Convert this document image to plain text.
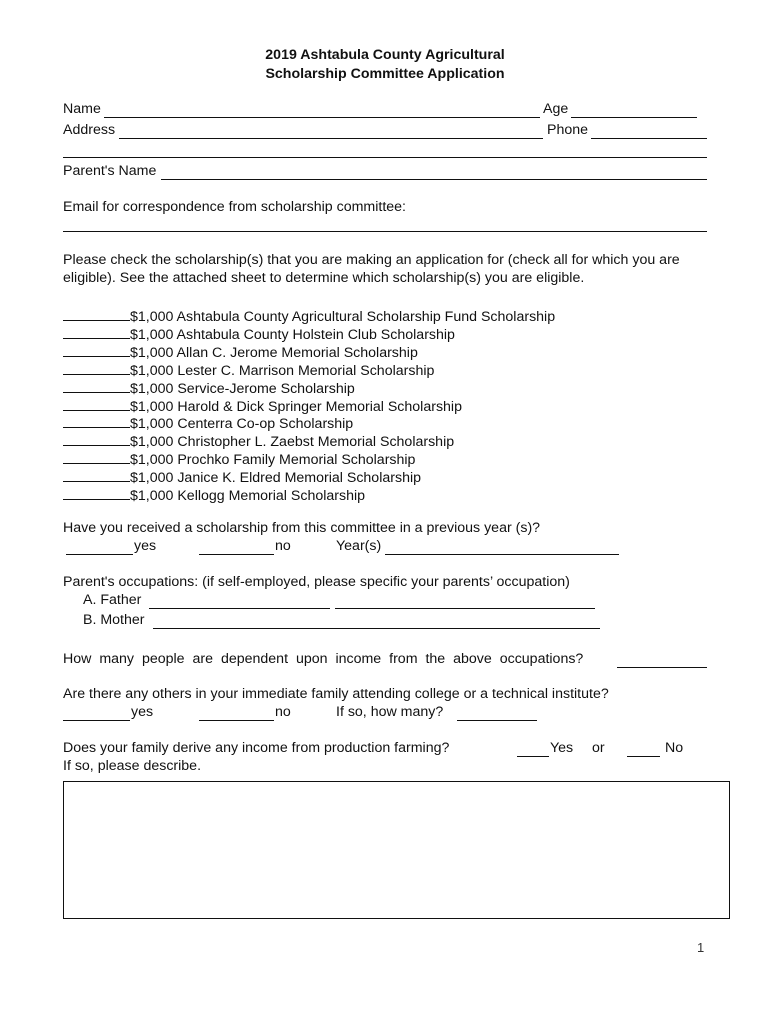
2019 Ashtabula County Agricultural
Scholarship Committee Application
Name	Age
Address	Phone
Parent's Name
Email for correspondence from scholarship committee:
Please check the scholarship(s) that you are making an application for (check all for which you are
eligible). See the attached sheet to determine which scholarship(s) you are eligible.
$1,000 Ashtabula County Agricultural Scholarship Fund Scholarship
$1,000 Ashtabula County Holstein Club Scholarship
$1,000 Allan C. Jerome Memorial Scholarship
$1,000 Lester C. Marrison Memorial Scholarship
$1,000 Service-Jerome Scholarship
$1,000 Harold & Dick Springer Memorial Scholarship
$1,000 Centerra Co-op Scholarship
$1,000 Christopher L. Zaebst Memorial Scholarship
$1,000 Prochko Family Memorial Scholarship
$1,000 Janice K. Eldred Memorial Scholarship
$1,000 Kellogg Memorial Scholarship
Have you received a scholarship from this committee in a previous year (s)?
yes	no	Year(s)
Parent's occupations: (if self-employed, please specific your parents’ occupation)
A. Father
B. Mother
How many people are dependent upon income from the above occupations?
Are there any others in your immediate family attending college or a technical institute?
yes	no	If so, how many?
Does your family derive any income from production farming?	Yes or	No
If so, please describe.
1
